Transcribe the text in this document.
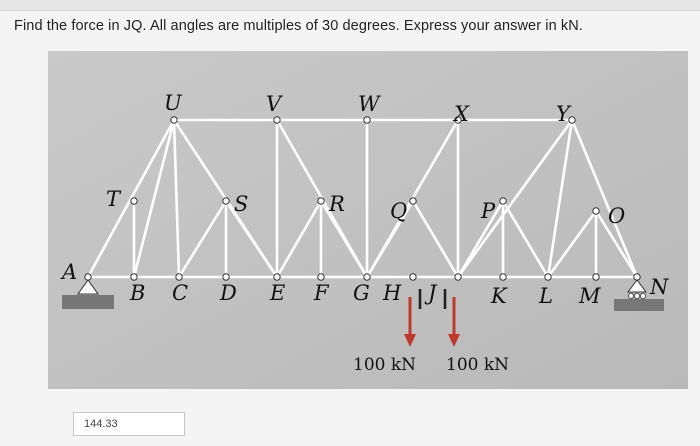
Find the force in JQ. All angles are multiples of 30 degrees. Express your answer in kN.
100 kN 100 kN
A
B C D E F G H J	K L M N
O
P
Q
R
S
T
U	V	W	X	Y
144.33
